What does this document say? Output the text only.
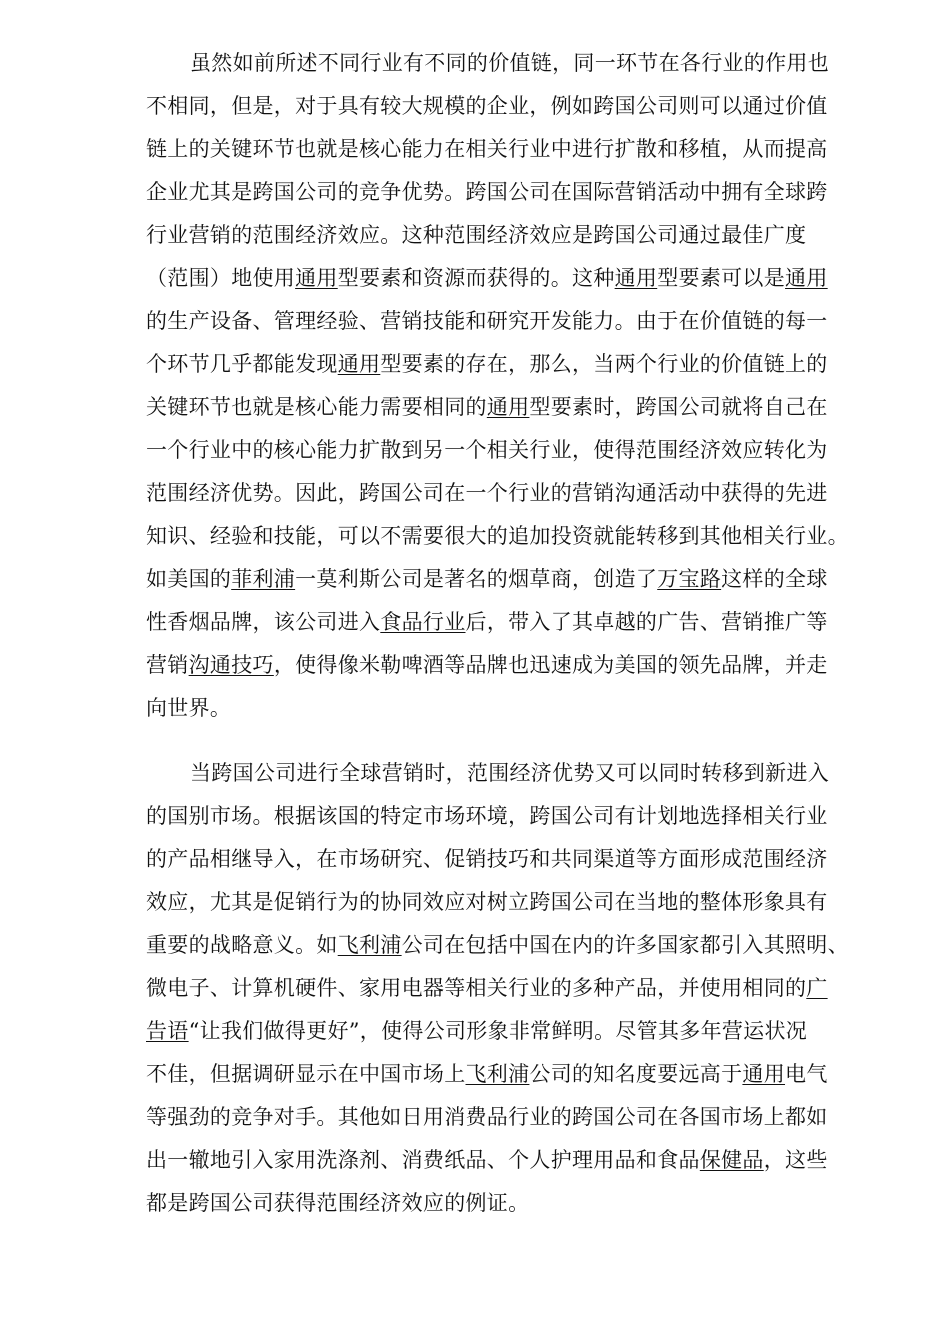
虽然如前所述不同行业有不同的价值链，同一环节在各行业的作用也
不相同，但是，对于具有较大规模的企业，例如跨国公司则可以通过价值
链上的关键环节也就是核心能力在相关行业中进行扩散和移植，从而提高
企业尤其是跨国公司的竞争优势。跨国公司在国际营销活动中拥有全球跨
行业营销的范围经济效应。这种范围经济效应是跨国公司通过最佳广度
（范围）地使用通用型要素和资源而获得的。这种通用型要素可以是通用
的生产设备、管理经验、营销技能和研究开发能力。由于在价值链的每一
个环节几乎都能发现通用型要素的存在，那么，当两个行业的价值链上的
关键环节也就是核心能力需要相同的通用型要素时，跨国公司就将自己在
一个行业中的核心能力扩散到另一个相关行业，使得范围经济效应转化为
范围经济优势。因此，跨国公司在一个行业的营销沟通活动中获得的先进
知识、经验和技能，可以不需要很大的追加投资就能转移到其他相关行业。
如美国的菲利浦一莫利斯公司是著名的烟草商，创造了万宝路这样的全球
性香烟品牌，该公司进入食品行业后，带入了其卓越的广告、营销推广等
营销沟通技巧，使得像米勒啤酒等品牌也迅速成为美国的领先品牌，并走
向世界。
当跨国公司进行全球营销时，范围经济优势又可以同时转移到新进入
的国别市场。根据该国的特定市场环境，跨国公司有计划地选择相关行业
的产品相继导入，在市场研究、促销技巧和共同渠道等方面形成范围经济
效应，尤其是促销行为的协同效应对树立跨国公司在当地的整体形象具有
重要的战略意义。如飞利浦公司在包括中国在内的许多国家都引入其照明、
微电子、计算机硬件、家用电器等相关行业的多种产品，并使用相同的广
告语“让我们做得更好”，使得公司形象非常鲜明。尽管其多年营运状况
不佳，但据调研显示在中国市场上飞利浦公司的知名度要远高于通用电气
等强劲的竞争对手。其他如日用消费品行业的跨国公司在各国市场上都如
出一辙地引入家用洗涤剂、消费纸品、个人护理用品和食品保健品，这些
都是跨国公司获得范围经济效应的例证。
